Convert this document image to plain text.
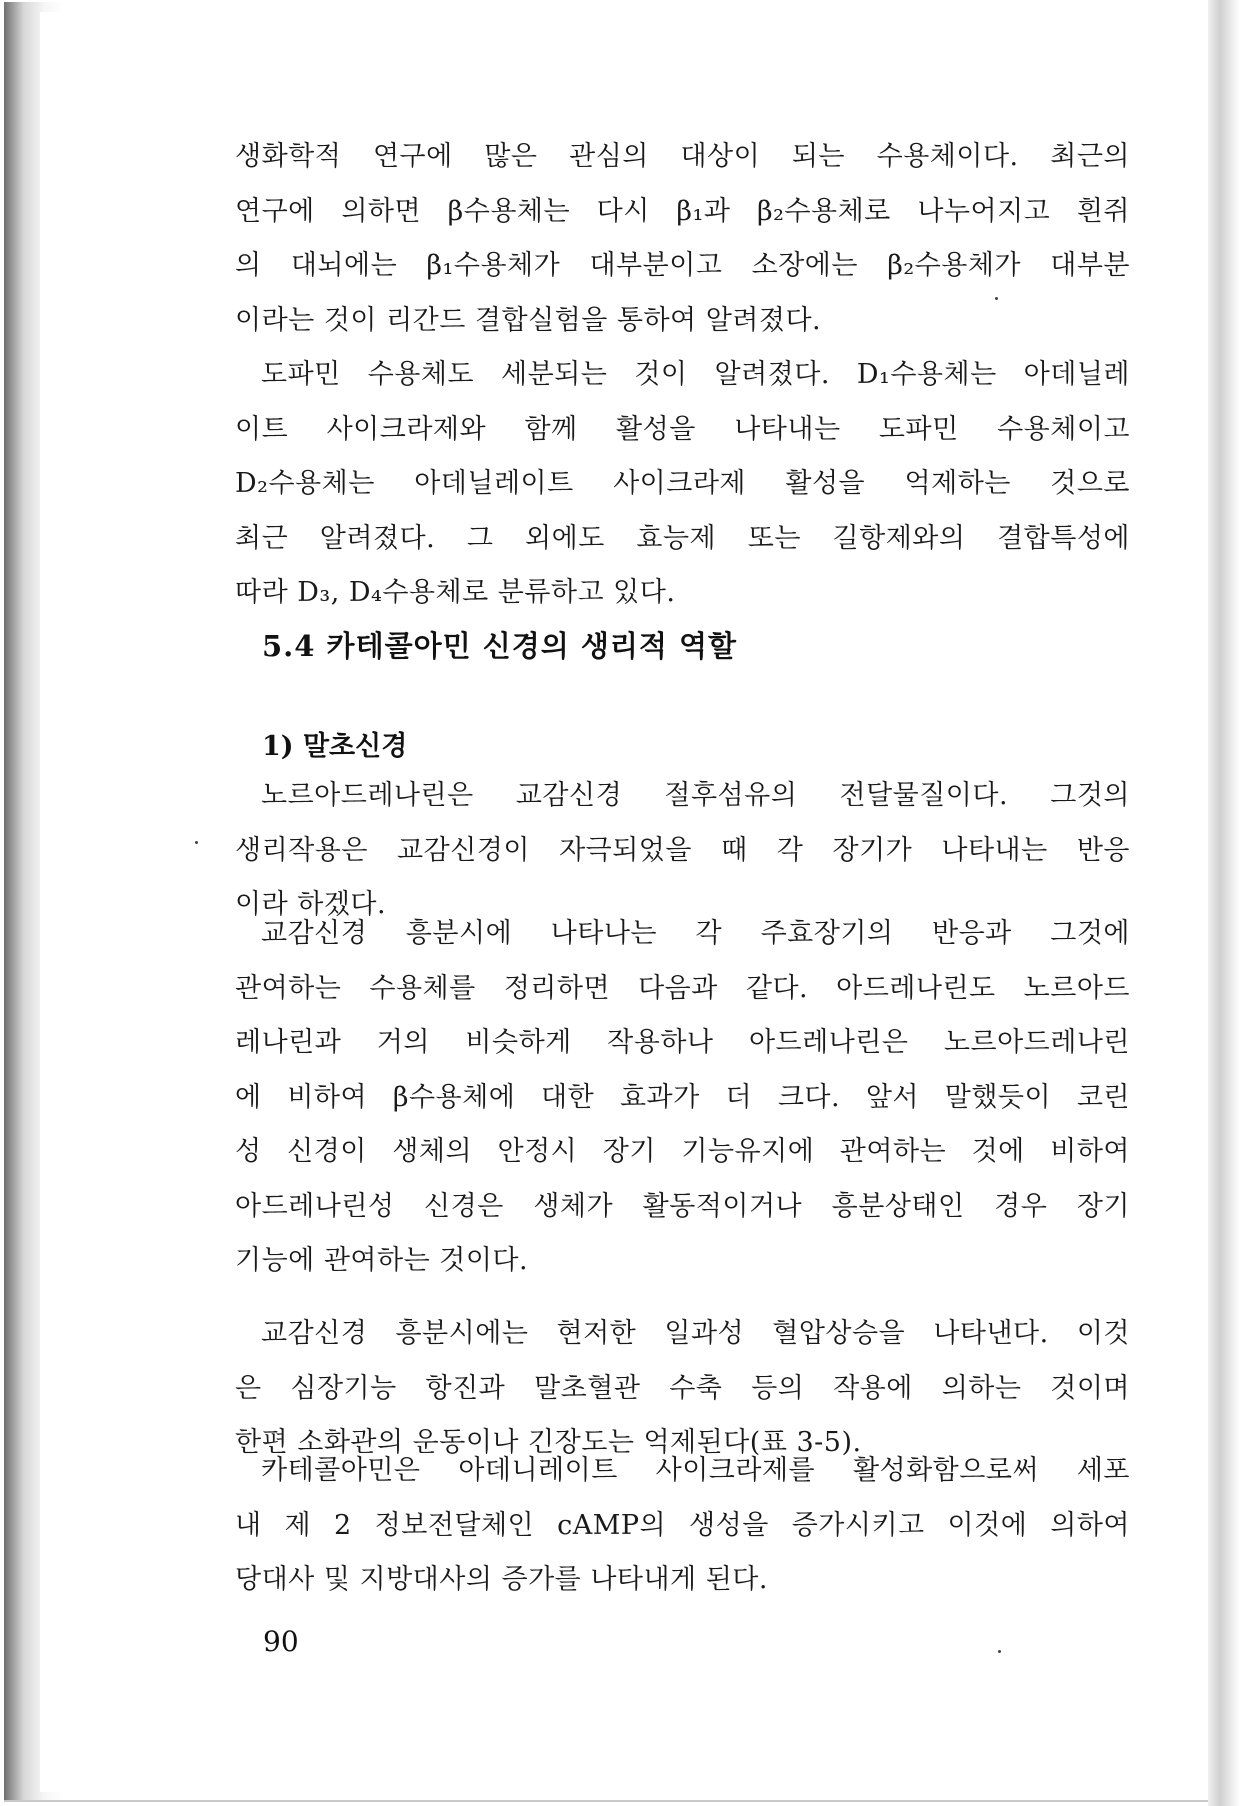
생화학적 연구에 많은 관심의 대상이 되는 수용체이다. 최근의
연구에 의하면 β수용체는 다시 β₁과 β₂수용체로 나누어지고 흰쥐
의 대뇌에는 β₁수용체가 대부분이고 소장에는 β₂수용체가 대부분
이라는 것이 리간드 결합실험을 통하여 알려졌다.
도파민 수용체도 세분되는 것이 알려졌다. D₁수용체는 아데닐레
이트 사이크라제와 함께 활성을 나타내는 도파민 수용체이고
D₂수용체는 아데닐레이트 사이크라제 활성을 억제하는 것으로
최근 알려졌다. 그 외에도 효능제 또는 길항제와의 결합특성에
따라 D₃, D₄수용체로 분류하고 있다.
5.4 카테콜아민 신경의 생리적 역할
1) 말초신경
노르아드레나린은 교감신경 절후섬유의 전달물질이다. 그것의
생리작용은 교감신경이 자극되었을 때 각 장기가 나타내는 반응
이라 하겠다.
교감신경 흥분시에 나타나는 각 주효장기의 반응과 그것에
관여하는 수용체를 정리하면 다음과 같다. 아드레나린도 노르아드
레나린과 거의 비슷하게 작용하나 아드레나린은 노르아드레나린
에 비하여 β수용체에 대한 효과가 더 크다. 앞서 말했듯이 코린
성 신경이 생체의 안정시 장기 기능유지에 관여하는 것에 비하여
아드레나린성 신경은 생체가 활동적이거나 흥분상태인 경우 장기
기능에 관여하는 것이다.
교감신경 흥분시에는 현저한 일과성 혈압상승을 나타낸다. 이것
은 심장기능 항진과 말초혈관 수축 등의 작용에 의하는 것이며
한편 소화관의 운동이나 긴장도는 억제된다(표 3-5).
카테콜아민은 아데니레이트 사이크라제를 활성화함으로써 세포
내 제 2 정보전달체인 cAMP의 생성을 증가시키고 이것에 의하여
당대사 및 지방대사의 증가를 나타내게 된다.
90
